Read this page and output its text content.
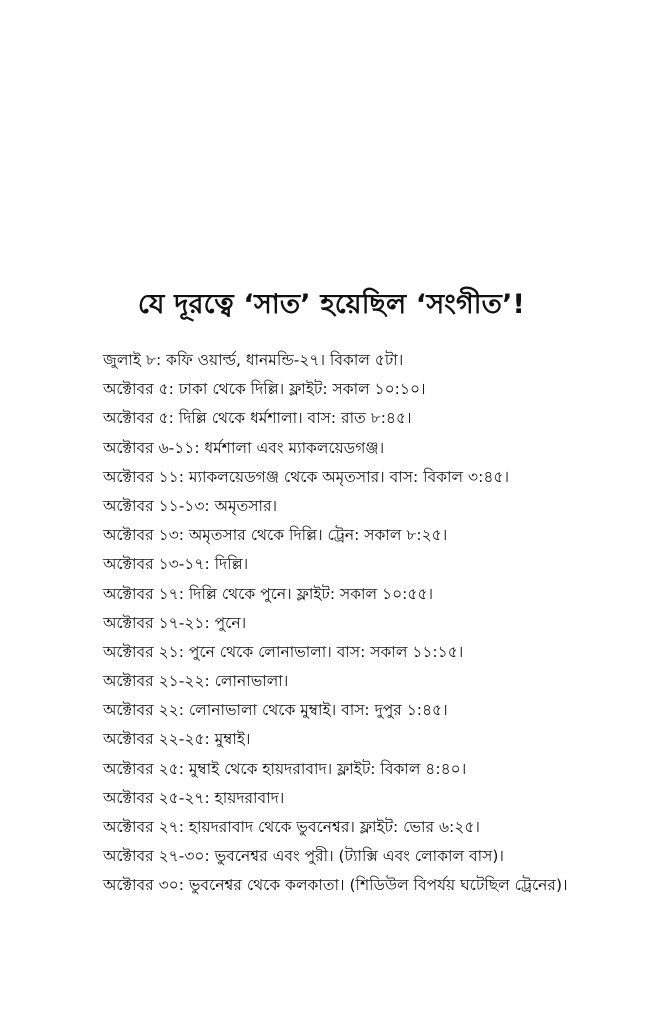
যে দূরত্বে ‘সাত’ হয়েছিল ‘সংগীত’!
জুলাই ৮: কফি ওয়ার্ল্ড, ধানমন্ডি-২৭। বিকাল ৫টা।
অক্টোবর ৫: ঢাকা থেকে দিল্লি। ফ্লাইট: সকাল ১০:১০।
অক্টোবর ৫: দিল্লি থেকে ধর্মশালা। বাস: রাত ৮:৪৫।
অক্টোবর ৬-১১: ধর্মশালা এবং ম্যাকলয়েডগঞ্জ।
অক্টোবর ১১: ম্যাকলয়েডগঞ্জ থেকে অমৃতসার। বাস: বিকাল ৩:৪৫।
অক্টোবর ১১-১৩: অমৃতসার।
অক্টোবর ১৩: অমৃতসার থেকে দিল্লি। ট্রেন: সকাল ৮:২৫।
অক্টোবর ১৩-১৭: দিল্লি।
অক্টোবর ১৭: দিল্লি থেকে পুনে। ফ্লাইট: সকাল ১০:৫৫।
অক্টোবর ১৭-২১: পুনে।
অক্টোবর ২১: পুনে থেকে লোনাভালা। বাস: সকাল ১১:১৫।
অক্টোবর ২১-২২: লোনাভালা।
অক্টোবর ২২: লোনাভালা থেকে মুম্বাই। বাস: দুপুর ১:৪৫।
অক্টোবর ২২-২৫: মুম্বাই।
অক্টোবর ২৫: মুম্বাই থেকে হায়দরাবাদ। ফ্লাইট: বিকাল ৪:৪০।
অক্টোবর ২৫-২৭: হায়দরাবাদ।
অক্টোবর ২৭: হায়দরাবাদ থেকে ভুবনেশ্বর। ফ্লাইট: ভোর ৬:২৫।
অক্টোবর ২৭-৩০: ভুবনেশ্বর এবং পুরী। (ট্যাক্সি এবং লোকাল বাস)।
অক্টোবর ৩০: ভুবনেশ্বর থেকে কলকাতা। (শিডিউল বিপর্যয় ঘটেছিল ট্রেনের)।
